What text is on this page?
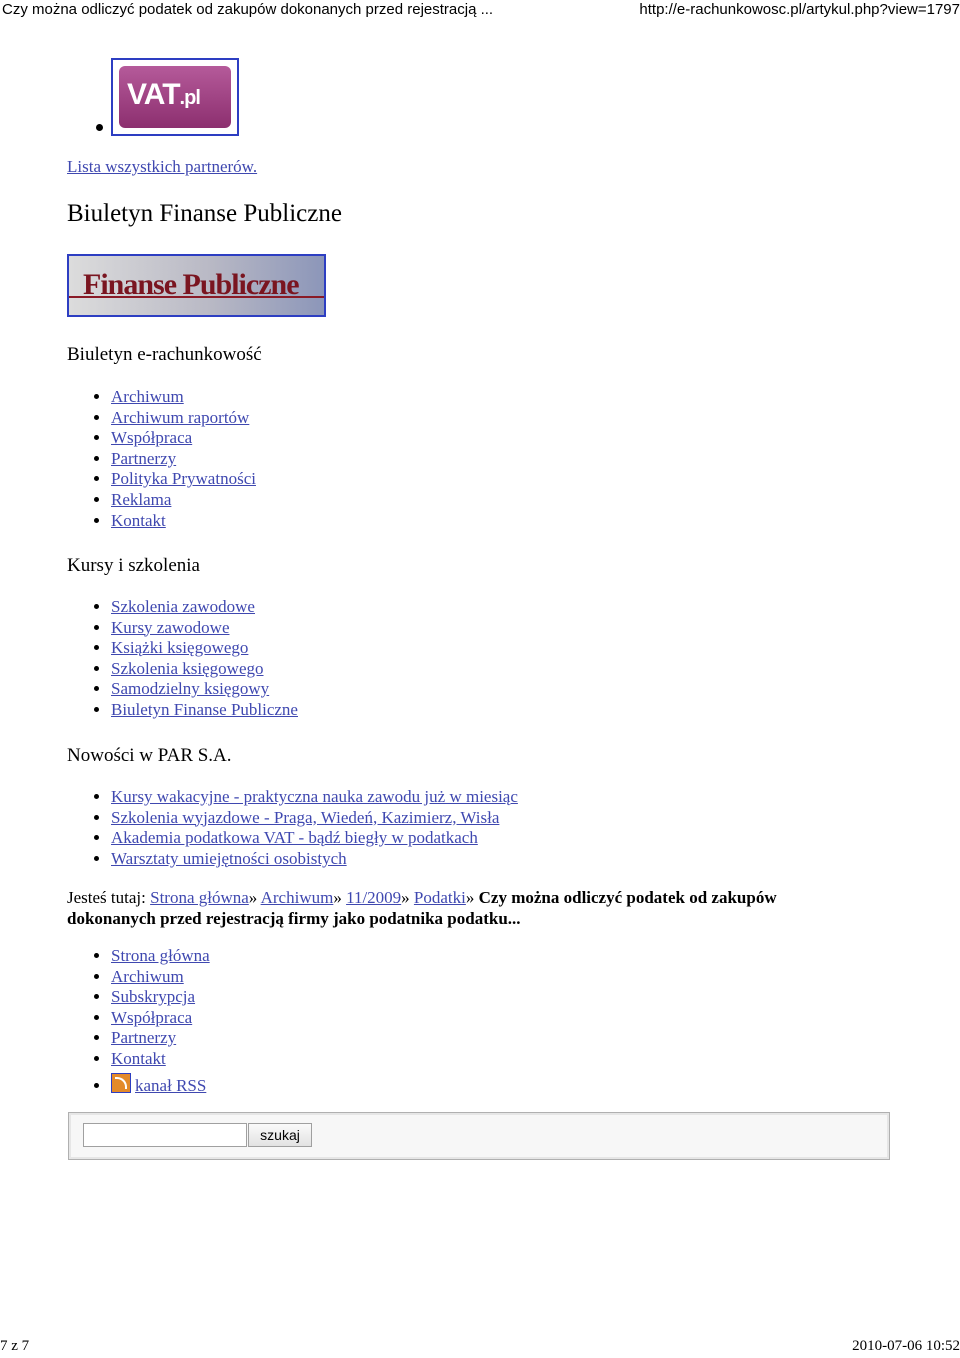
Czy można odliczyć podatek od zakupów dokonanych przed rejestracją ...	http://e-rachunkowosc.pl/artykul.php?view=1797
VAT.pl
Lista wszystkich partnerów.
Biuletyn Finanse Publiczne
Finanse Publiczne
Biuletyn e-rachunkowość
• Archiwum
• Archiwum raportów
• Współpraca
• Partnerzy
• Polityka Prywatności
• Reklama
• Kontakt
Kursy i szkolenia
• Szkolenia zawodowe
• Kursy zawodowe
• Książki księgowego
• Szkolenia księgowego
• Samodzielny księgowy
• Biuletyn Finanse Publiczne
Nowości w PAR S.A.
• Kursy wakacyjne - praktyczna nauka zawodu już w miesiąc
• Szkolenia wyjazdowe - Praga, Wiedeń, Kazimierz, Wisła
• Akademia podatkowa VAT - bądź biegły w podatkach
• Warsztaty umiejętności osobistych
Jesteś tutaj: Strona główna» Archiwum» 11/2009» Podatki» Czy można odliczyć podatek od zakupów dokonanych przed rejestracją firmy jako podatnika podatku...
• Strona główna
• Archiwum
• Subskrypcja
• Współpraca
• Partnerzy
• Kontakt
• kanał RSS
szukaj
7 z 7	2010-07-06 10:52
